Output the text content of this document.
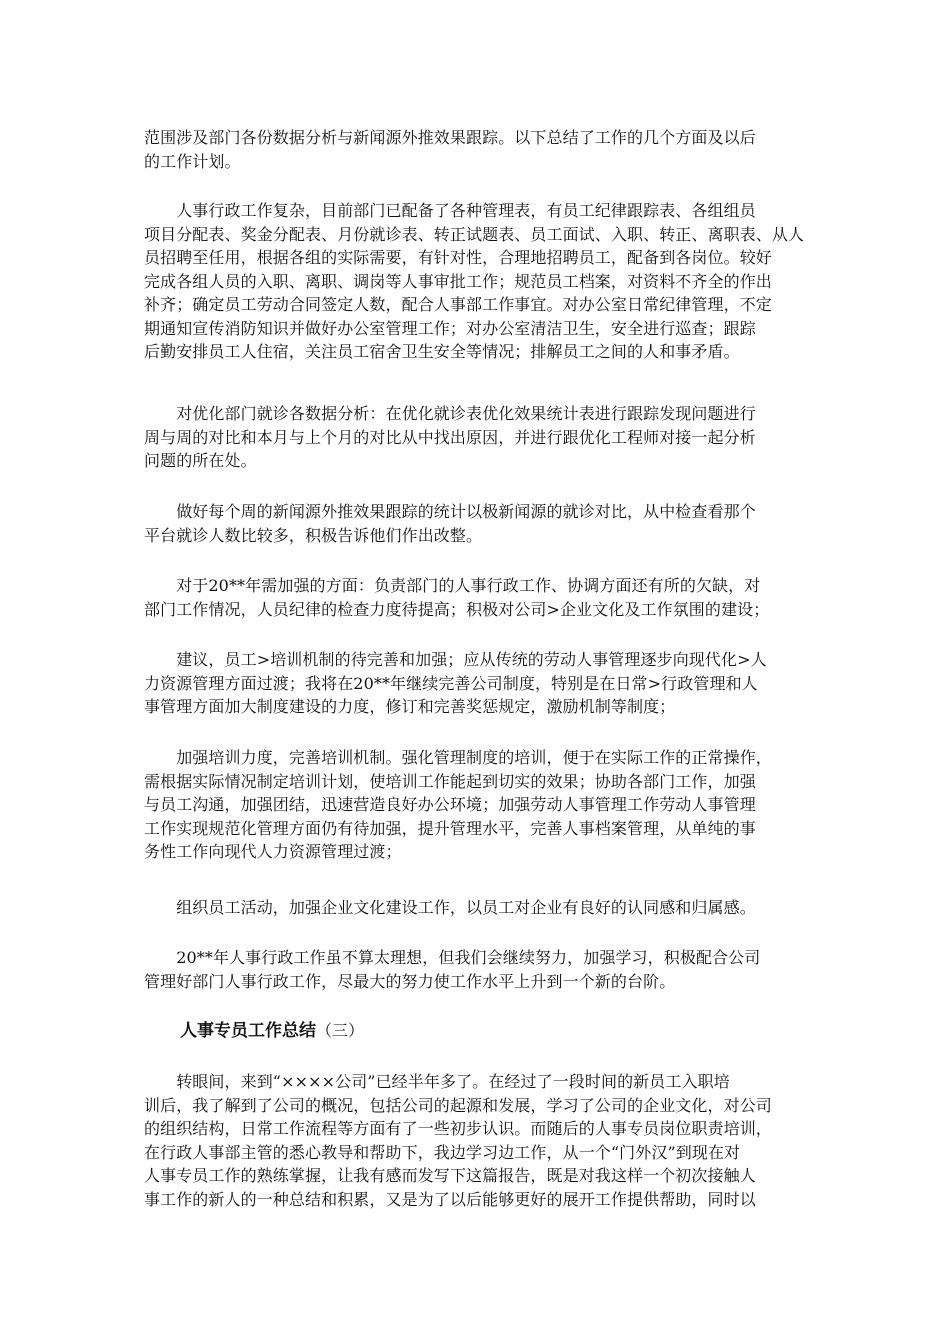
范围涉及部门各份数据分析与新闻源外推效果跟踪。以下总结了工作的几个方面及以后
的工作计划。

　　人事行政工作复杂，目前部门已配备了各种管理表，有员工纪律跟踪表、各组组员
项目分配表、奖金分配表、月份就诊表、转正试题表、员工面试、入职、转正、离职表、从人
员招聘至任用，根据各组的实际需要，有针对性，合理地招聘员工，配备到各岗位。较好
完成各组人员的入职、离职、调岗等人事审批工作；规范员工档案，对资料不齐全的作出
补齐；确定员工劳动合同签定人数，配合人事部工作事宜。对办公室日常纪律管理，不定
期通知宣传消防知识并做好办公室管理工作；对办公室清洁卫生，安全进行巡查；跟踪
后勤安排员工人住宿，关注员工宿舍卫生安全等情况；排解员工之间的人和事矛盾。

　　对优化部门就诊各数据分析：在优化就诊表优化效果统计表进行跟踪发现问题进行
周与周的对比和本月与上个月的对比从中找出原因，并进行跟优化工程师对接一起分析
问题的所在处。

　　做好每个周的新闻源外推效果跟踪的统计以极新闻源的就诊对比，从中检查看那个
平台就诊人数比较多，积极告诉他们作出改整。

　　对于20**年需加强的方面：负责部门的人事行政工作、协调方面还有所的欠缺，对
部门工作情况，人员纪律的检查力度待提高；积极对公司>企业文化及工作氛围的建设；

　　建议，员工>培训机制的待完善和加强；应从传统的劳动人事管理逐步向现代化>人
力资源管理方面过渡；我将在20**年继续完善公司制度，特别是在日常>行政管理和人
事管理方面加大制度建设的力度，修订和完善奖惩规定，激励机制等制度；

　　加强培训力度，完善培训机制。强化管理制度的培训，便于在实际工作的正常操作，
需根据实际情况制定培训计划，使培训工作能起到切实的效果；协助各部门工作，加强
与员工沟通，加强团结，迅速营造良好办公环境；加强劳动人事管理工作劳动人事管理
工作实现规范化管理方面仍有待加强，提升管理水平，完善人事档案管理，从单纯的事
务性工作向现代人力资源管理过渡；

　　组织员工活动，加强企业文化建设工作，以员工对企业有良好的认同感和归属感。

　　20**年人事行政工作虽不算太理想，但我们会继续努力，加强学习，积极配合公司
管理好部门人事行政工作，尽最大的努力使工作水平上升到一个新的台阶。

人事专员工作总结（三）

　　转眼间，来到“××××公司”已经半年多了。在经过了一段时间的新员工入职培
训后，我了解到了公司的概况，包括公司的起源和发展，学习了公司的企业文化，对公司
的组织结构，日常工作流程等方面有了一些初步认识。而随后的人事专员岗位职责培训，
在行政人事部主管的悉心教导和帮助下，我边学习边工作，从一个“门外汉”到现在对
人事专员工作的熟练掌握，让我有感而发写下这篇报告，既是对我这样一个初次接触人
事工作的新人的一种总结和积累，又是为了以后能够更好的展开工作提供帮助，同时以
